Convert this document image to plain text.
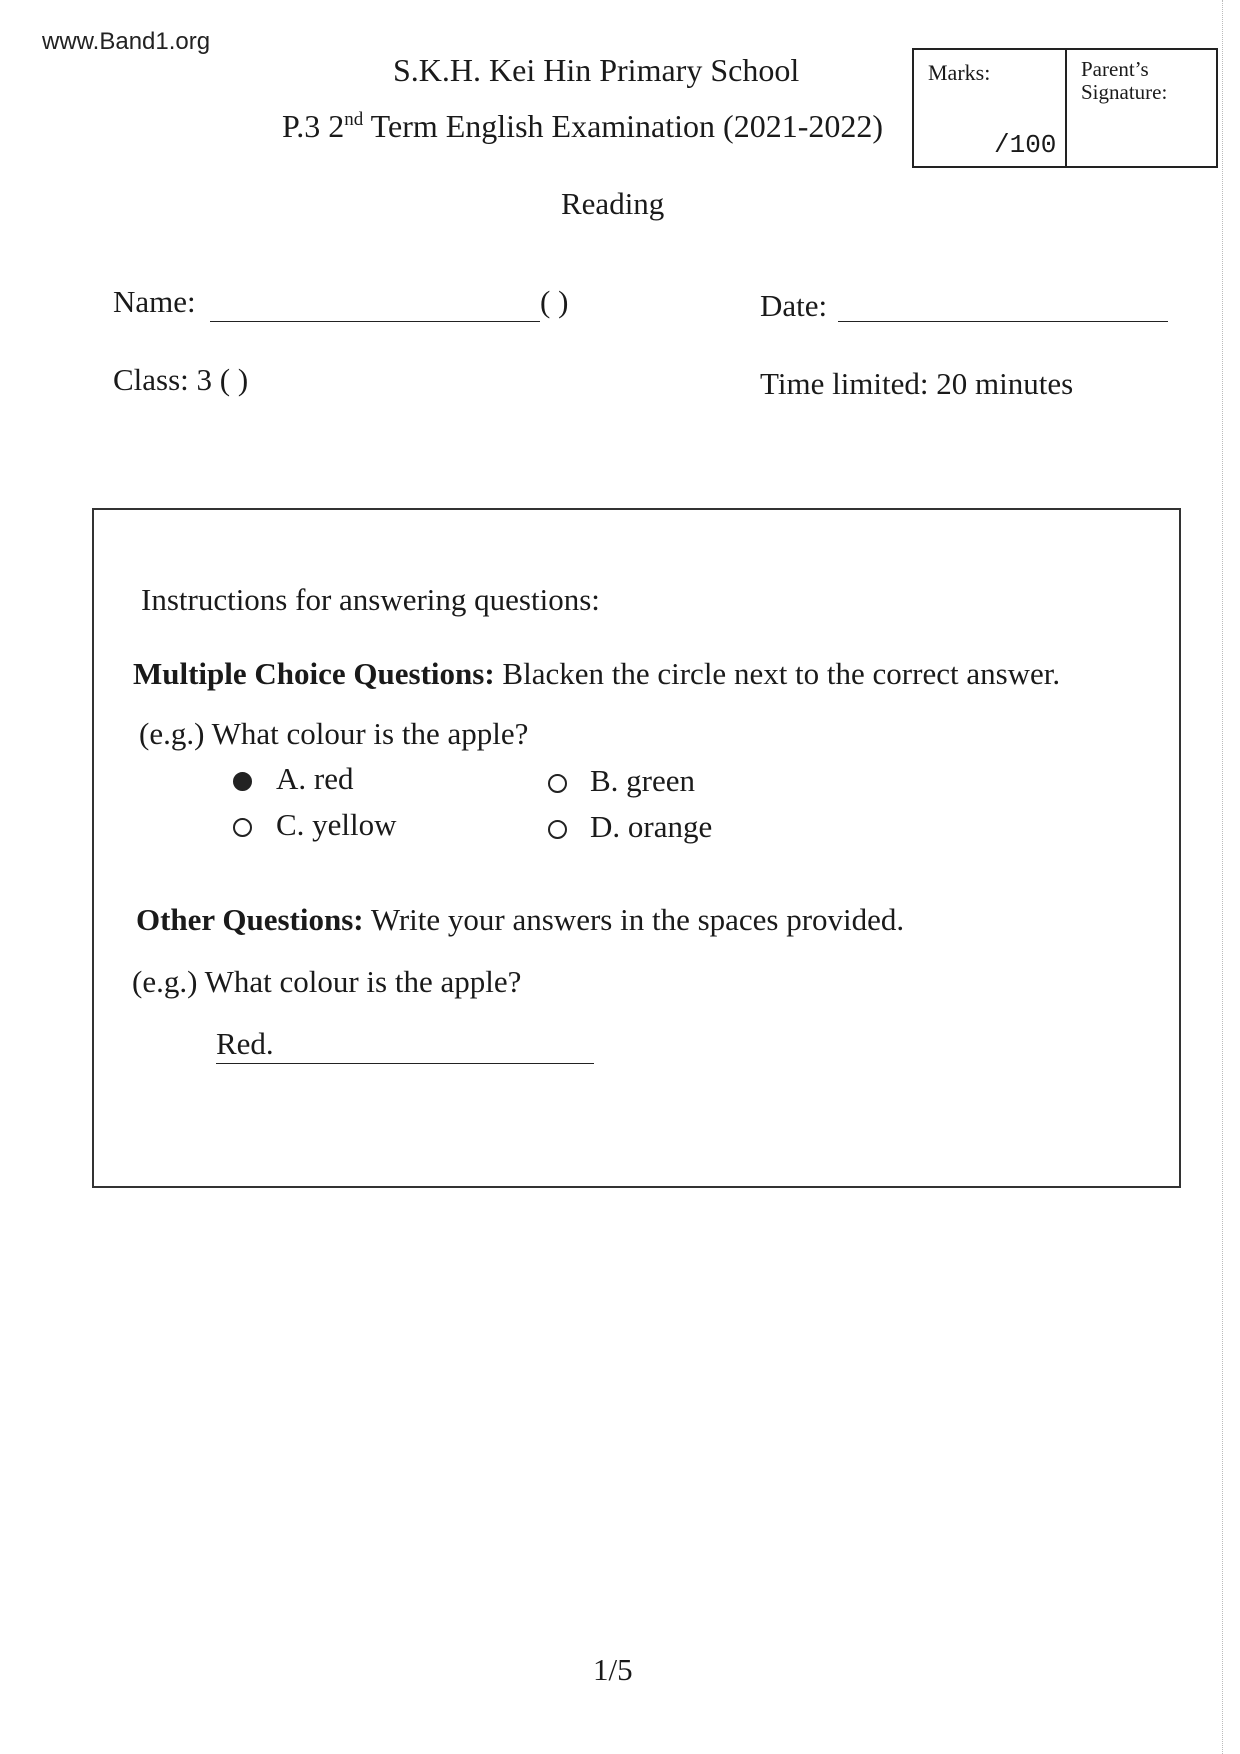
www.Band1.org
S.K.H. Kei Hin Primary School
P.3 2nd Term English Examination (2021-2022)
Reading
Marks:
/100
Parent’s Signature:
Name:	( )	Date:
Class: 3 ( )	Time limited: 20 minutes
Instructions for answering questions:
Multiple Choice Questions: Blacken the circle next to the correct answer.
(e.g.) What colour is the apple?
A. red	B. green
C. yellow	D. orange
Other Questions: Write your answers in the spaces provided.
(e.g.) What colour is the apple?
Red.
1/5
